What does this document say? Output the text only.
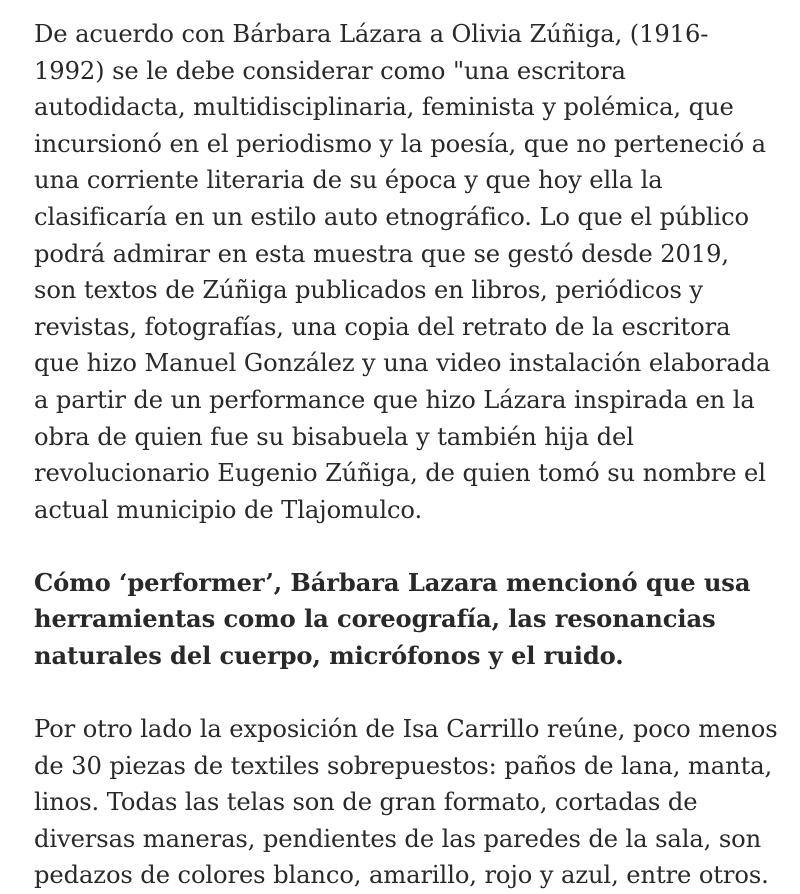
De acuerdo con Bárbara Lázara a Olivia Zúñiga, (1916-1992) se le debe considerar como "una escritora autodidacta, multidisciplinaria, feminista y polémica, que incursionó en el periodismo y la poesía, que no perteneció a una corriente literaria de su época y que hoy ella la clasificaría en un estilo auto etnográfico. Lo que el público podrá admirar en esta muestra que se gestó desde 2019, son textos de Zúñiga publicados en libros, periódicos y revistas, fotografías, una copia del retrato de la escritora que hizo Manuel González y una video instalación elaborada a partir de un performance que hizo Lázara inspirada en la obra de quien fue su bisabuela y también hija del revolucionario Eugenio Zúñiga, de quien tomó su nombre el actual municipio de Tlajomulco.

Cómo ‘performer’, Bárbara Lazara mencionó que usa herramientas como la coreografía, las resonancias naturales del cuerpo, micrófonos y el ruido.

Por otro lado la exposición de Isa Carrillo reúne, poco menos de 30 piezas de textiles sobrepuestos: paños de lana, manta, linos. Todas las telas son de gran formato, cortadas de diversas maneras, pendientes de las paredes de la sala, son pedazos de colores blanco, amarillo, rojo y azul, entre otros.
